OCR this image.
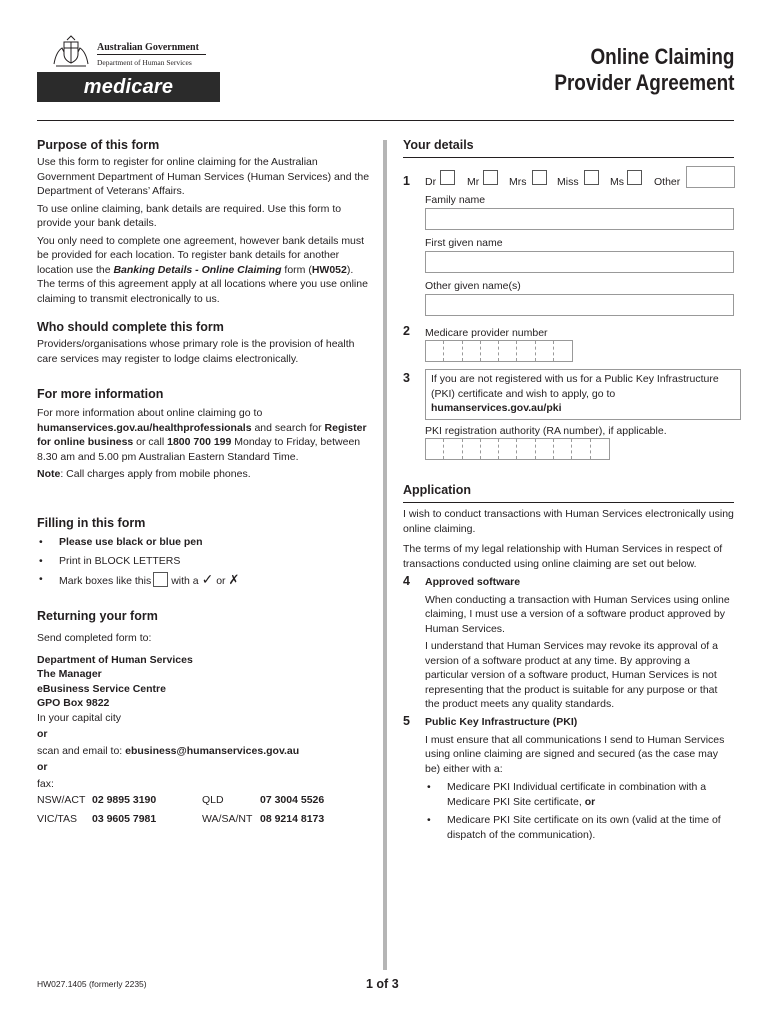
Australian Government
Department of Human Services
medicare
Online Claiming
Provider Agreement
Purpose of this form

Use this form to register for online claiming for the Australian Government Department of Human Services (Human Services) and the Department of Veterans’ Affairs.

To use online claiming, bank details are required. Use this form to provide your bank details.

You only need to complete one agreement, however bank details must be provided for each location. To register bank details for another location use the Banking Details - Online Claiming form (HW052). The terms of this agreement apply at all locations where you use online claiming to transmit electronically to us.

Who should complete this form

Providers/organisations whose primary role is the provision of health care services may register to lodge claims electronically.

For more information

For more information about online claiming go to humanservices.gov.au/healthprofessionals and search for Register for online business or call 1800 700 199 Monday to Friday, between 8.30 am and 5.00 pm Australian Eastern Standard Time.

Note: Call charges apply from mobile phones.

Filling in this form

• Please use black or blue pen

• Print in BLOCK LETTERS

• Mark boxes like this with a ✓ or ✗

Returning your form

Send completed form to:

Department of Human Services

The Manager

eBusiness Service Centre

GPO Box 9822

In your capital city

or

scan and email to: ebusiness@humanservices.gov.au

or

fax:

NSW/ACT 02 9895 3190	QLD	07 3004 5526
VIC/TAS 03 9605 7981	WA/SA/NT 08 9214 8173
Your details
1 Dr	Mr	Mrs	Miss	Ms	Other
Family name
First given name
Other given name(s)
2 Medicare provider number
3 If you are not registered with us for a Public Key Infrastructure (PKI) certificate and wish to apply, go to

humanservices.gov.au/pki

PKI registration authority (RA number), if applicable.
Application

I wish to conduct transactions with Human Services electronically using online claiming.

The terms of my legal relationship with Human Services in respect of transactions conducted using online claiming are set out below.

4 Approved software

When conducting a transaction with Human Services using online claiming, I must use a version of a software product approved by Human Services.

I understand that Human Services may revoke its approval of a version of a software product at any time. By approving a particular version of a software product, Human Services is not representing that the product is suitable for any purpose or that the product meets any quality standards.

5 Public Key Infrastructure (PKI)

I must ensure that all communications I send to Human Services using online claiming are signed and secured (as the case may be) either with a:

• Medicare PKI Individual certificate in combination with a Medicare PKI Site certificate, or

• Medicare PKI Site certificate on its own (valid at the time of dispatch of the communication).

HW027.1405 (formerly 2235)	1 of 3
